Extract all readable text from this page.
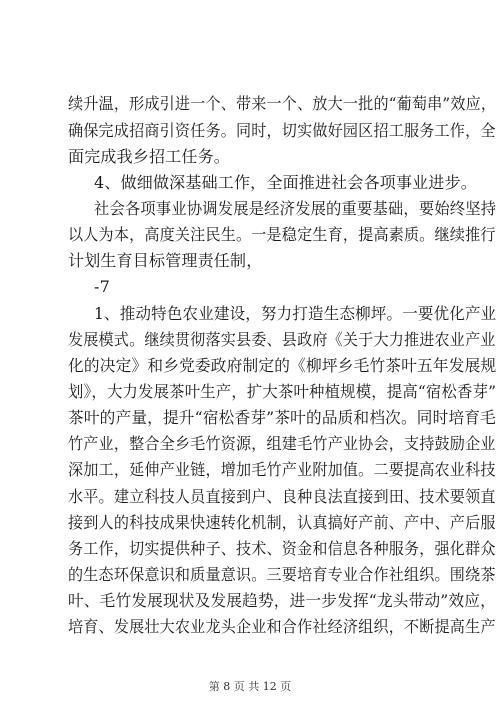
续升温，形成引进一个、带来一个、放大一批的“葡萄串”效应，
确保完成招商引资任务。同时，切实做好园区招工服务工作，全
面完成我乡招工任务。
4、做细做深基础工作，全面推进社会各项事业进步。
社会各项事业协调发展是经济发展的重要基础，要始终坚持
以人为本，高度关注民生。一是稳定生育，提高素质。继续推行
计划生育目标管理责任制，
-7
1、推动特色农业建设，努力打造生态柳坪。一要优化产业
发展模式。继续贯彻落实县委、县政府《关于大力推进农业产业
化的决定》和乡党委政府制定的《柳坪乡毛竹茶叶五年发展规
划》，大力发展茶叶生产，扩大茶叶种植规模，提高“宿松香芽”
茶叶的产量，提升“宿松香芽”茶叶的品质和档次。同时培育毛
竹产业，整合全乡毛竹资源，组建毛竹产业协会，支持鼓励企业
深加工，延伸产业链，增加毛竹产业附加值。二要提高农业科技
水平。建立科技人员直接到户、良种良法直接到田、技术要领直
接到人的科技成果快速转化机制，认真搞好产前、产中、产后服
务工作，切实提供种子、技术、资金和信息各种服务，强化群众
的生态环保意识和质量意识。三要培育专业合作社组织。围绕茶
叶、毛竹发展现状及发展趋势，进一步发挥“龙头带动”效应，
培育、发展壮大农业龙头企业和合作社经济组织，不断提高生产
第 8 页 共 12 页
